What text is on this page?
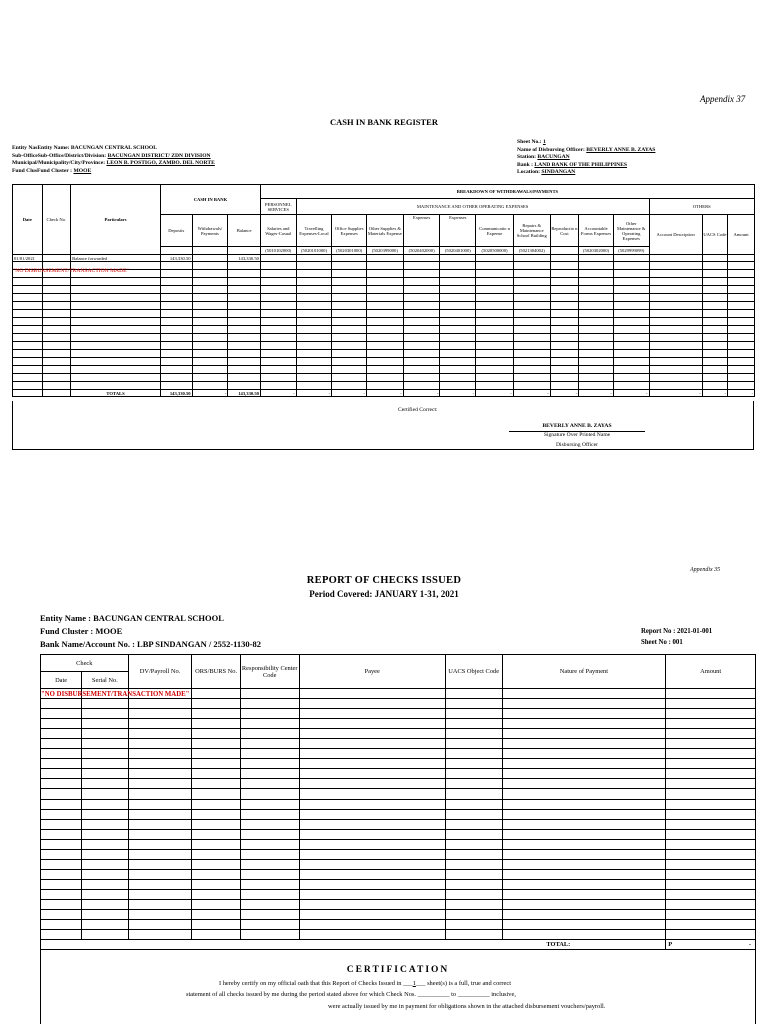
Appendix 37
CASH IN BANK REGISTER
Entity NasEntity Name: BACUNGAN CENTRAL SCHOOL
Sub-OfficeSub-Office/District/Division: BACUNGAN DISTRICT/ ZDN DIVISION
Municipal/Municipality/City/Province: LEON B. POSTIGO, ZAMBO. DEL NORTE
Fund ClusFund Cluster : MOOE
Sheet No.: 1
Name of Disbursing Officer: BEVERLY ANNE B. ZAYAS
Station: BACUNGAN
Bank : LAND BANK OF THE PHILIPPINES
Location: SINDANGAN
Date	Check No.	Particulars	CASH IN BANK			BREAKDOWN OF WITHDRAWALS/PAYMENTS													
						PERSONNEL SERVICES	MAINTENANCE AND OTHER OPERATING EXPENSES										OTHERS		
			Deposits	Withdrawals/ Payments	Balance	Salaries and Wages-Casual	Travelling Expenses-Local	Office Supplies Expenses	Other Supplies & Materials Expense	Expenses	Expenses	Communicatio n Expense	Repairs & Maintenance School Building	Reproductio n Cost	Accountable Forms Expenses	Other Maintenance & Operating Expenses	Account Description	UACS Code	Amount
						(5010102000)	(5020101000)	(5020301000)	(5020399000)	(5020402000)	(5020401000)	(5020500000)	(5021304002)		(5020302000)	(5029999099)			
01/01/2021		Balance forwarded	143,330.50		143,330.50														

		TOTALS	143,330.50	-	143,330.50	-	-	-	-	-	-	-	-	-	-	-	-	-	-
"NO DISBURSEMENT/TRANSACTION MADE"
Certified Correct:
BEVERLY ANNE B. ZAYAS
Signature Over Printed Name
Disbursing Officer
Appendix 35
REPORT OF CHECKS ISSUED
Period Covered: JANUARY 1-31, 2021
Entity Name : BACUNGAN CENTRAL SCHOOL
Fund Cluster : MOOE
Bank Name/Account No. : LBP SINDANGAN / 2552-1130-82
Report No : 2021-01-001
Sheet No : 001
Check		DV/Payroll No.	ORS/BURS No.	Responsibility Center Code	Payee	UACS Object Code	Nature of Payment	Amount
Date	Serial No.							

TOTAL:								P -

"NO DISBURSEMENT/TRANSACTION MADE"
CERTIFICATION
I hereby certify on my official oath that this Report of Checks Issued in ___1___ sheet(s) is a full, true and correct
statement of all checks issued by me during the period stated above for which Check Nos. __________ to __________ inclusive,
were actually issued by me in payment for obligations shown in the attached disbursement vouchers/payroll.
